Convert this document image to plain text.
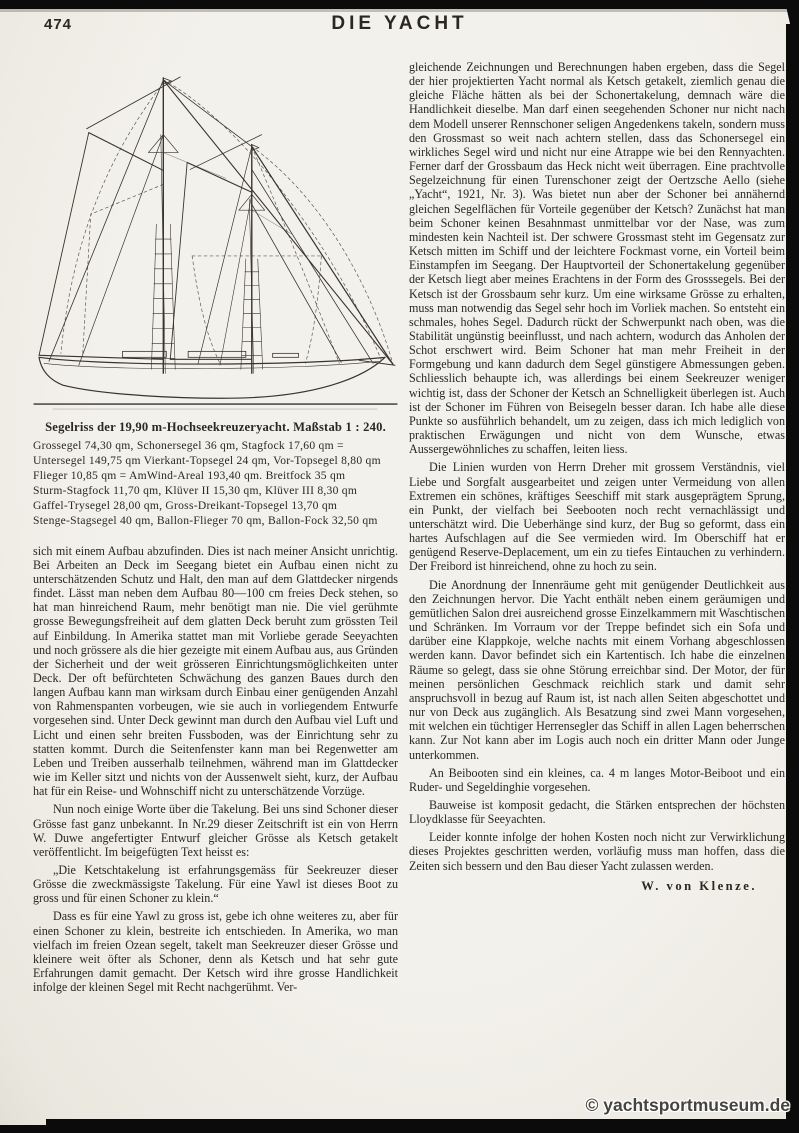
474	DIE YACHT
Segelriss der 19,90 m-Hochseekreuzeryacht. Maßstab 1 : 240.
Grossegel 74,30 qm, Schonersegel 36 qm, Stagfock 17,60 qm =
Untersegel 149,75 qm Vierkant-Topsegel 24 qm, Vor-Topsegel 8,80 qm
Flieger 10,85 qm = AmWind-Areal 193,40 qm. Breitfock 35 qm
Sturm-Stagfock 11,70 qm, Klüver II 15,30 qm, Klüver III 8,30 qm
Gaffel-Trysegel 28,00 qm, Gross-Dreikant-Topsegel 13,70 qm
Stenge-Stagsegel 40 qm, Ballon-Flieger 70 qm, Ballon-Fock 32,50 qm

sich mit einem Aufbau abzufinden. Dies ist nach meiner Ansicht unrichtig. Bei Arbeiten an Deck im Seegang bietet ein Aufbau einen nicht zu unterschätzenden Schutz und Halt, den man auf dem Glattdecker nirgends findet. Lässt man neben dem Aufbau 80—100 cm freies Deck stehen, so hat man hinreichend Raum, mehr benötigt man nie. Die viel gerühmte grosse Bewegungsfreiheit auf dem glatten Deck beruht zum grössten Teil auf Einbildung. In Amerika stattet man mit Vorliebe gerade Seeyachten und noch grössere als die hier gezeigte mit einem Aufbau aus, aus Gründen der Sicherheit und der weit grösseren Einrichtungsmöglichkeiten unter Deck. Der oft befürchteten Schwächung des ganzen Baues durch den langen Aufbau kann man wirksam durch Einbau einer genügenden Anzahl von Rahmenspanten vorbeugen, wie sie auch in vorliegendem Entwurfe vorgesehen sind. Unter Deck gewinnt man durch den Aufbau viel Luft und Licht und einen sehr breiten Fussboden, was der Einrichtung sehr zu statten kommt. Durch die Seitenfenster kann man bei Regenwetter am Leben und Treiben ausserhalb teilnehmen, während man im Glattdecker wie im Keller sitzt und nichts von der Aussenwelt sieht, kurz, der Aufbau hat für ein Reise- und Wohnschiff nicht zu unterschätzende Vorzüge.

Nun noch einige Worte über die Takelung. Bei uns sind Schoner dieser Grösse fast ganz unbekannt. In Nr.29 dieser Zeitschrift ist ein von Herrn W. Duwe angefertigter Entwurf gleicher Grösse als Ketsch getakelt veröffentlicht. Im beigefügten Text heisst es:

„Die Ketschtakelung ist erfahrungsgemäss für Seekreuzer dieser Grösse die zweckmässigste Takelung. Für eine Yawl ist dieses Boot zu gross und für einen Schoner zu klein.“

Dass es für eine Yawl zu gross ist, gebe ich ohne weiteres zu, aber für einen Schoner zu klein, bestreite ich entschieden. In Amerika, wo man vielfach im freien Ozean segelt, takelt man Seekreuzer dieser Grösse und kleinere weit öfter als Schoner, denn als Ketsch und hat sehr gute Erfahrungen damit gemacht. Der Ketsch wird ihre grosse Handlichkeit infolge der kleinen Segel mit Recht nachgerühmt. Ver-

gleichende Zeichnungen und Berechnungen haben ergeben, dass die Segel der hier projektierten Yacht normal als Ketsch getakelt, ziemlich genau die gleiche Fläche hätten als bei der Schonertakelung, demnach wäre die Handlichkeit dieselbe. Man darf einen seegehenden Schoner nur nicht nach dem Modell unserer Rennschoner seligen Angedenkens takeln, sondern muss den Grossmast so weit nach achtern stellen, dass das Schonersegel ein wirkliches Segel wird und nicht nur eine Atrappe wie bei den Rennyachten. Ferner darf der Grossbaum das Heck nicht weit überragen. Eine prachtvolle Segelzeichnung für einen Turenschoner zeigt der Oertzsche Aello (siehe „Yacht“, 1921, Nr. 3). Was bietet nun aber der Schoner bei annähernd gleichen Segelflächen für Vorteile gegenüber der Ketsch? Zunächst hat man beim Schoner keinen Besahnmast unmittelbar vor der Nase, was zum mindesten kein Nachteil ist. Der schwere Grossmast steht im Gegensatz zur Ketsch mitten im Schiff und der leichtere Fockmast vorne, ein Vorteil beim Einstampfen im Seegang. Der Hauptvorteil der Schonertakelung gegenüber der Ketsch liegt aber meines Erachtens in der Form des Grosssegels. Bei der Ketsch ist der Grossbaum sehr kurz. Um eine wirksame Grösse zu erhalten, muss man notwendig das Segel sehr hoch im Vorliek machen. So entsteht ein schmales, hohes Segel. Dadurch rückt der Schwerpunkt nach oben, was die Stabilität ungünstig beeinflusst, und nach achtern, wodurch das Anholen der Schot erschwert wird. Beim Schoner hat man mehr Freiheit in der Formgebung und kann dadurch dem Segel günstigere Abmessungen geben. Schliesslich behaupte ich, was allerdings bei einem Seekreuzer weniger wichtig ist, dass der Schoner der Ketsch an Schnelligkeit überlegen ist. Auch ist der Schoner im Führen von Beisegeln besser daran. Ich habe alle diese Punkte so ausführlich behandelt, um zu zeigen, dass ich mich lediglich von praktischen Erwägungen und nicht von dem Wunsche, etwas Aussergewöhnliches zu schaffen, leiten liess.

Die Linien wurden von Herrn Dreher mit grossem Verständnis, viel Liebe und Sorgfalt ausgearbeitet und zeigen unter Vermeidung von allen Extremen ein schönes, kräftiges Seeschiff mit stark ausgeprägtem Sprung, ein Punkt, der vielfach bei Seebooten noch recht vernachlässigt und unterschätzt wird. Die Ueberhänge sind kurz, der Bug so geformt, dass ein hartes Aufschlagen auf die See vermieden wird. Im Oberschiff hat er genügend Reserve-Deplacement, um ein zu tiefes Eintauchen zu verhindern. Der Freibord ist hinreichend, ohne zu hoch zu sein.

Die Anordnung der Innenräume geht mit genügender Deutlichkeit aus den Zeichnungen hervor. Die Yacht enthält neben einem geräumigen und gemütlichen Salon drei ausreichend grosse Einzelkammern mit Waschtischen und Schränken. Im Vorraum vor der Treppe befindet sich ein Sofa und darüber eine Klappkoje, welche nachts mit einem Vorhang abgeschlossen werden kann. Davor befindet sich ein Kartentisch. Ich habe die einzelnen Räume so gelegt, dass sie ohne Störung erreichbar sind. Der Motor, der für meinen persönlichen Geschmack reichlich stark und damit sehr anspruchsvoll in bezug auf Raum ist, ist nach allen Seiten abgeschottet und nur von Deck aus zugänglich. Als Besatzung sind zwei Mann vorgesehen, mit welchen ein tüchtiger Herrensegler das Schiff in allen Lagen beherrschen kann. Zur Not kann aber im Logis auch noch ein dritter Mann oder Junge unterkommen.

An Beibooten sind ein kleines, ca. 4 m langes Motor-Beiboot und ein Ruder- und Segeldinghie vorgesehen.

Bauweise ist komposit gedacht, die Stärken entsprechen der höchsten Lloydklasse für Seeyachten.

Leider konnte infolge der hohen Kosten noch nicht zur Verwirklichung dieses Projektes geschritten werden, vorläufig muss man hoffen, dass die Zeiten sich bessern und den Bau dieser Yacht zulassen werden.

W. von Klenze.
© yachtsportmuseum.de
